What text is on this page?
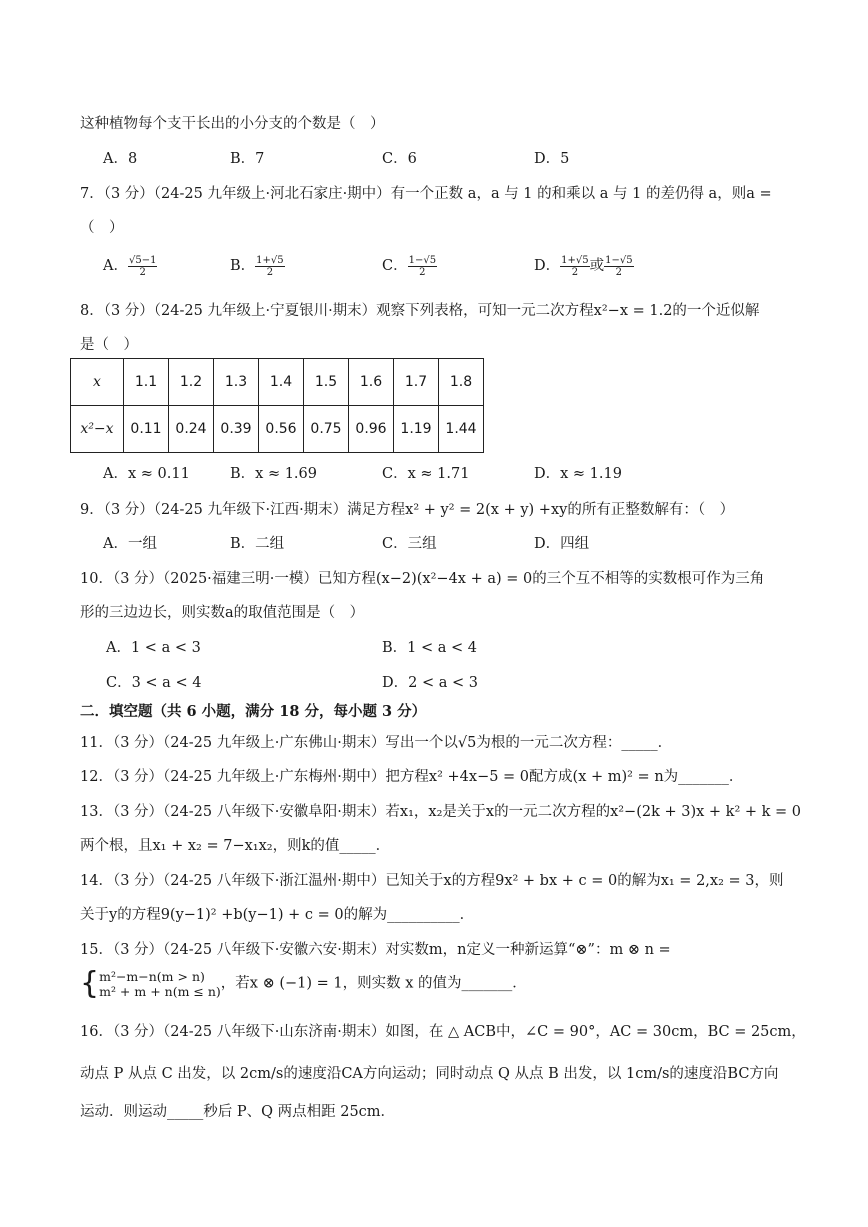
这种植物每个支干长出的小分支的个数是（　）
A．8	B．7	C．6	D．5
7．（3 分）（24-25 九年级上·河北石家庄·期中）有一个正数 a，a 与 1 的和乘以 a 与 1 的差仍得 a，则a =
（　）
A． $\frac{√5-1}{2}$	B． $\frac{1+√5}{2}$	C． $\frac{1-√5}{2}$	D． $\frac{1+√5}{2}$ 或 $\frac{1-√5}{2}$
8．（3 分）（24-25 九年级上·宁夏银川·期末）观察下列表格，可知一元二次方程x²−x = 1.2的一个近似解
是（　）
x	1.1	1.2	1.3	1.4	1.5	1.6	1.7	1.8
x²−x	0.11	0.24	0.39	0.56	0.75	0.96	1.19	1.44
A．x ≈ 0.11	B．x ≈ 1.69	C．x ≈ 1.71	D．x ≈ 1.19
9．（3 分）（24-25 九年级下·江西·期末）满足方程x² + y² = 2(x + y) +xy的所有正整数解有：（　）
A．一组	B．二组	C．三组	D．四组
10．（3 分）（2025·福建三明·一模）已知方程(x−2)(x²−4x + a) = 0的三个互不相等的实数根可作为三角
形的三边边长，则实数a的取值范围是（　）
A．1 < a < 3	B．1 < a < 4
C．3 < a < 4	D．2 < a < 3
二．填空题（共 6 小题，满分 18 分，每小题 3 分）
11．（3 分）（24-25 九年级上·广东佛山·期末）写出一个以√5为根的一元二次方程：_____．
12．（3 分）（24-25 九年级上·广东梅州·期中）把方程x² +4x−5 = 0配方成(x + m)² = n为_______．
13．（3 分）（24-25 八年级下·安徽阜阳·期末）若x₁，x₂是关于x的一元二次方程的x²−(2k + 3)x + k² + k = 0
两个根，且x₁ + x₂ = 7−x₁x₂，则k的值_____．
14．（3 分）（24-25 八年级下·浙江温州·期中）已知关于x的方程9x² + bx + c = 0的解为x₁ = 2,x₂ = 3，则
关于y的方程9(y−1)² +b(y−1) + c = 0的解为__________．
15．（3 分）（24-25 八年级下·安徽六安·期末）对实数m，n定义一种新运算“⊗”：m ⊗ n =
{ m²−m−n(m > n)
m² + m + n(m ≤ n) ，若x ⊗ (−1) = 1，则实数 x 的值为_______．
16．（3 分）（24-25 八年级下·山东济南·期末）如图，在 △ ACB中，∠C = 90°，AC = 30cm，BC = 25cm，
动点 P 从点 C 出发，以 2cm/s的速度沿CA方向运动；同时动点 Q 从点 B 出发，以 1cm/s的速度沿BC方向
运动．则运动_____秒后 P、Q 两点相距 25cm．
